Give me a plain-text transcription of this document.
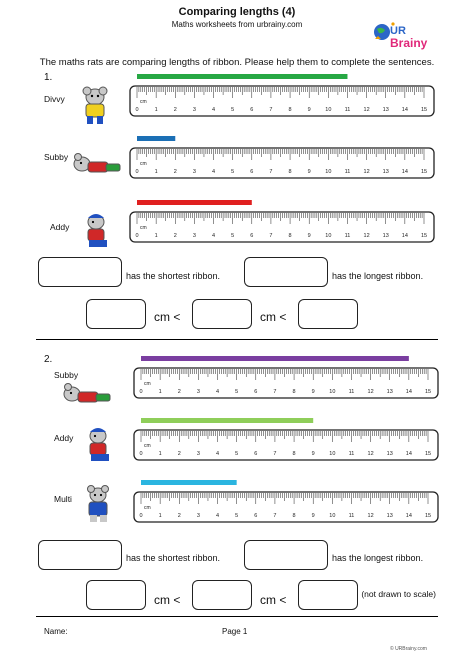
Comparing lengths (4)
Maths worksheets from urbrainy.com
UR
Brainy
The maths rats are comparing lengths of ribbon. Please help them to complete the sentences.
1.
Divvy
Subby
Addy
cm
0	1	2	3	4	5	6	7	8	9	10 11 12 13 14 15
cm
0	1	2	3	4	5	6	7	8	9	10 11 12 13 14 15
cm
0	1	2	3	4	5	6	7	8	9	10 11 12 13 14 15
has the shortest ribbon.	has the longest ribbon.
cm <	cm <
2.
Subby
Addy
Multi
cm
0	1	2	3	4	5	6	7	8	9	10 11 12 13 14 15
cm
0	1	2	3	4	5	6	7	8	9	10 11 12 13 14 15
cm
0	1	2	3	4	5	6	7	8	9	10 11 12 13 14 15
has the shortest ribbon.	has the longest ribbon.
cm <	cm <	(not drawn to scale)
Name:	Page 1
© URBrainy.com
